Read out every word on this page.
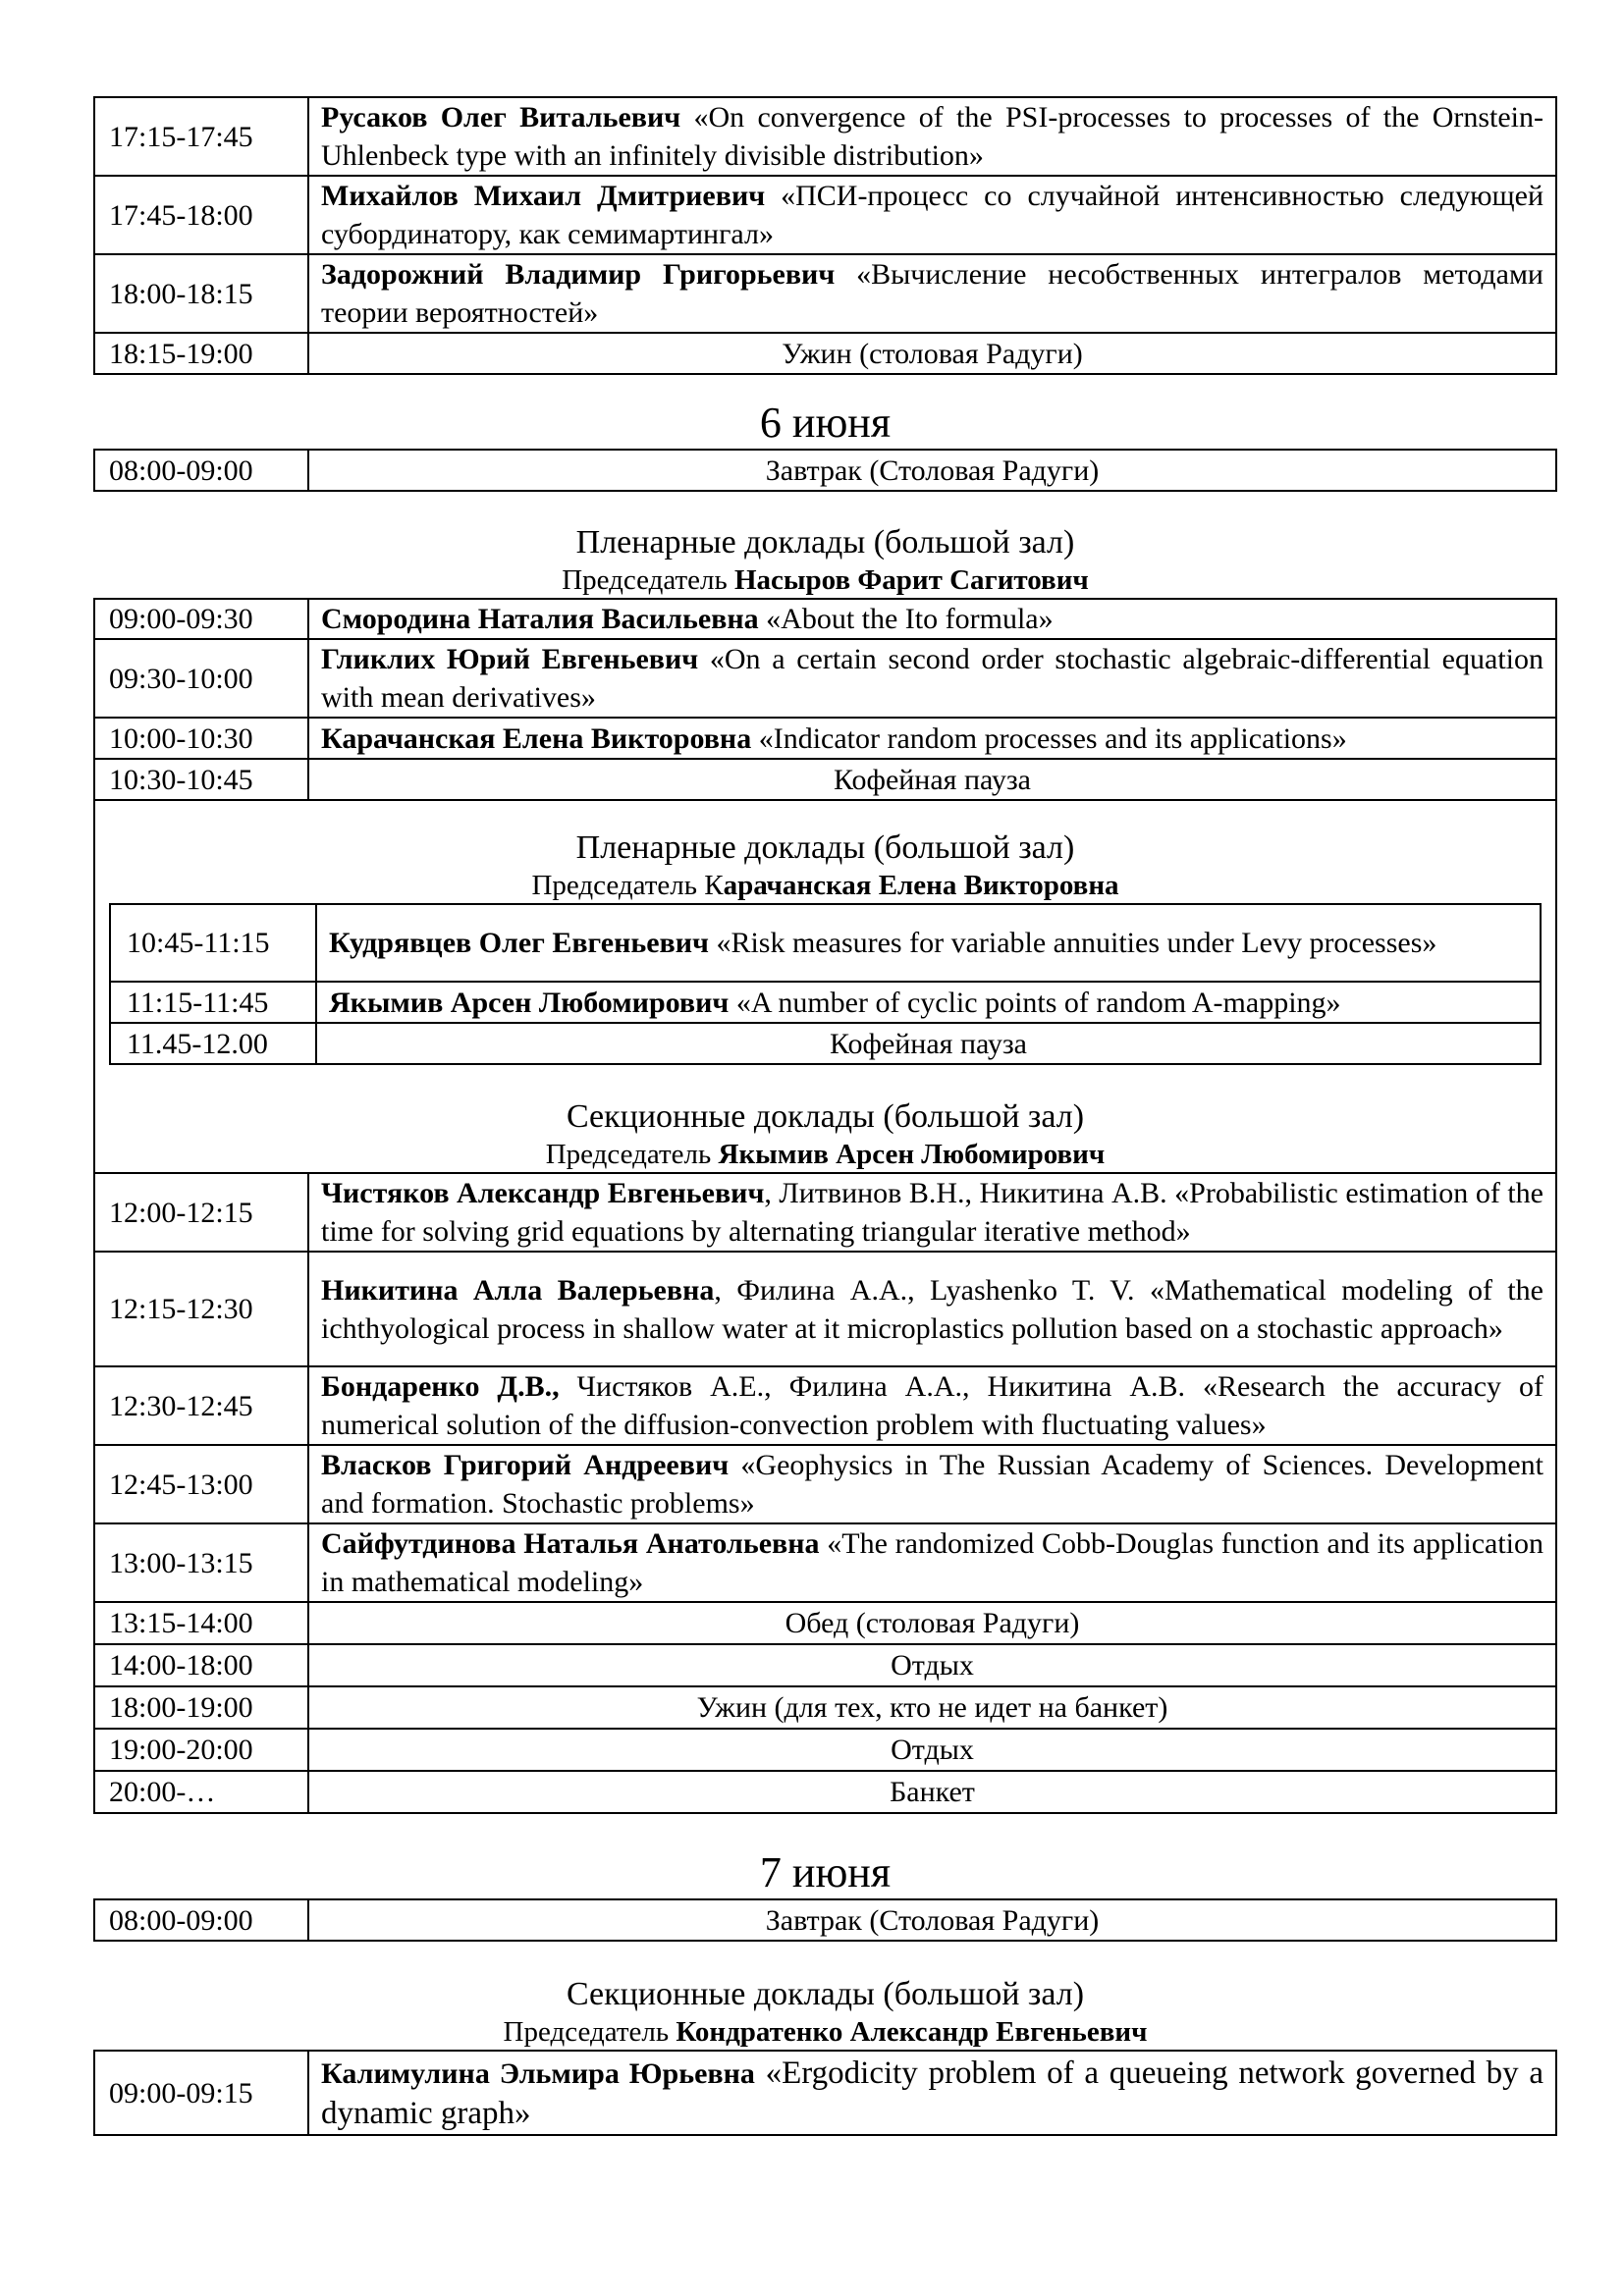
17:15-17:45	Русаков Олег Витальевич «On convergence of the PSI-processes to processes of the Ornstein-Uhlenbeck type with an infinitely divisible distribution»
17:45-18:00	Михайлов Михаил Дмитриевич «ПСИ-процесс со случайной интенсивностью следующей субординатору, как семимартингал»
18:00-18:15	Задорожний Владимир Григорьевич «Вычисление несобственных интегралов методами теории вероятностей»
18:15-19:00	Ужин (столовая Радуги)
6 июня
08:00-09:00	Завтрак (Столовая Радуги)
Пленарные доклады (большой зал)
Председатель Насыров Фарит Сагитович
09:00-09:30	Смородина Наталия Васильевна «About the Ito formula»
09:30-10:00	Гликлих Юрий Евгеньевич «On a certain second order stochastic algebraic-differential equation with mean derivatives»
10:00-10:30	Карачанская Елена Викторовна «Indicator random processes and its applications»
10:30-10:45	Кофейная пауза
Пленарные доклады (большой зал)
Председатель Карачанская Елена Викторовна
10:45-11:15	Кудрявцев Олег Евгеньевич «Risk measures for variable annuities under Levy processes»
11:15-11:45	Якымив Арсен Любомирович «A number of cyclic points of random A-mapping»
11.45-12.00	Кофейная пауза
Секционные доклады (большой зал)
Председатель Якымив Арсен Любомирович
12:00-12:15	Чистяков Александр Евгеньевич, Литвинов В.Н., Никитина А.В. «Probabilistic estimation of the time for solving grid equations by alternating triangular iterative method»
12:15-12:30	Никитина Алла Валерьевна, Филина А.А., Lyashenko T. V. «Mathematical modeling of the ichthyological process in shallow water at it microplastics pollution based on a stochastic approach»
12:30-12:45	Бондаренко Д.В., Чистяков А.Е., Филина А.А., Никитина А.В. «Research the accuracy of numerical solution of the diffusion-convection problem with fluctuating values»
12:45-13:00	Власков Григорий Андреевич «Geophysics in The Russian Academy of Sciences. Development and formation. Stochastic problems»
13:00-13:15	Сайфутдинова Наталья Анатольевна «The randomized Cobb-Douglas function and its application in mathematical modeling»
13:15-14:00	Обед (столовая Радуги)
14:00-18:00	Отдых
18:00-19:00	Ужин (для тех, кто не идет на банкет)
19:00-20:00	Отдых
20:00-…	Банкет
7 июня
08:00-09:00	Завтрак (Столовая Радуги)
Секционные доклады (большой зал)
Председатель Кондратенко Александр Евгеньевич
09:00-09:15	Калимулина Эльмира Юрьевна «Ergodicity problem of a queueing network governed by a dynamic graph»
